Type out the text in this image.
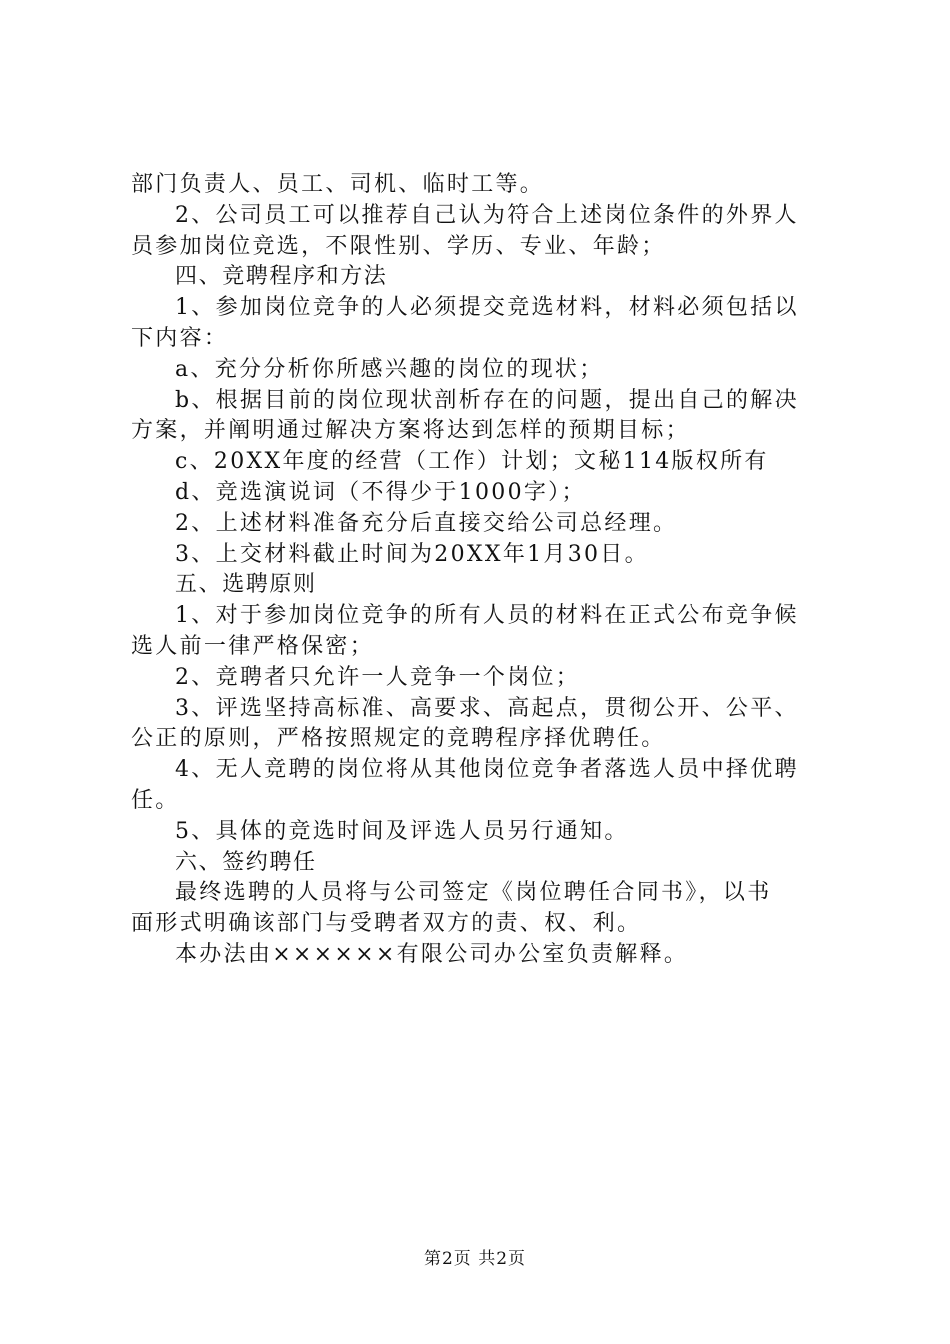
部门负责人、员工、司机、临时工等。
2、公司员工可以推荐自己认为符合上述岗位条件的外界人
员参加岗位竞选，不限性别、学历、专业、年龄；
四、竞聘程序和方法
1、参加岗位竞争的人必须提交竞选材料，材料必须包括以
下内容：
a、充分分析你所感兴趣的岗位的现状；
b、根据目前的岗位现状剖析存在的问题，提出自己的解决
方案，并阐明通过解决方案将达到怎样的预期目标；
c、20XX年度的经营（工作）计划；文秘114版权所有
d、竞选演说词（不得少于1000字）；
2、上述材料准备充分后直接交给公司总经理。
3、上交材料截止时间为20XX年1月30日。
五、选聘原则
1、对于参加岗位竞争的所有人员的材料在正式公布竞争候
选人前一律严格保密；
2、竞聘者只允许一人竞争一个岗位；
3、评选坚持高标准、高要求、高起点，贯彻公开、公平、
公正的原则，严格按照规定的竞聘程序择优聘任。
4、无人竞聘的岗位将从其他岗位竞争者落选人员中择优聘
任。
5、具体的竞选时间及评选人员另行通知。
六、签约聘任
最终选聘的人员将与公司签定《岗位聘任合同书》，以书
面形式明确该部门与受聘者双方的责、权、利。
本办法由××××××有限公司办公室负责解释。
第2页 共2页
